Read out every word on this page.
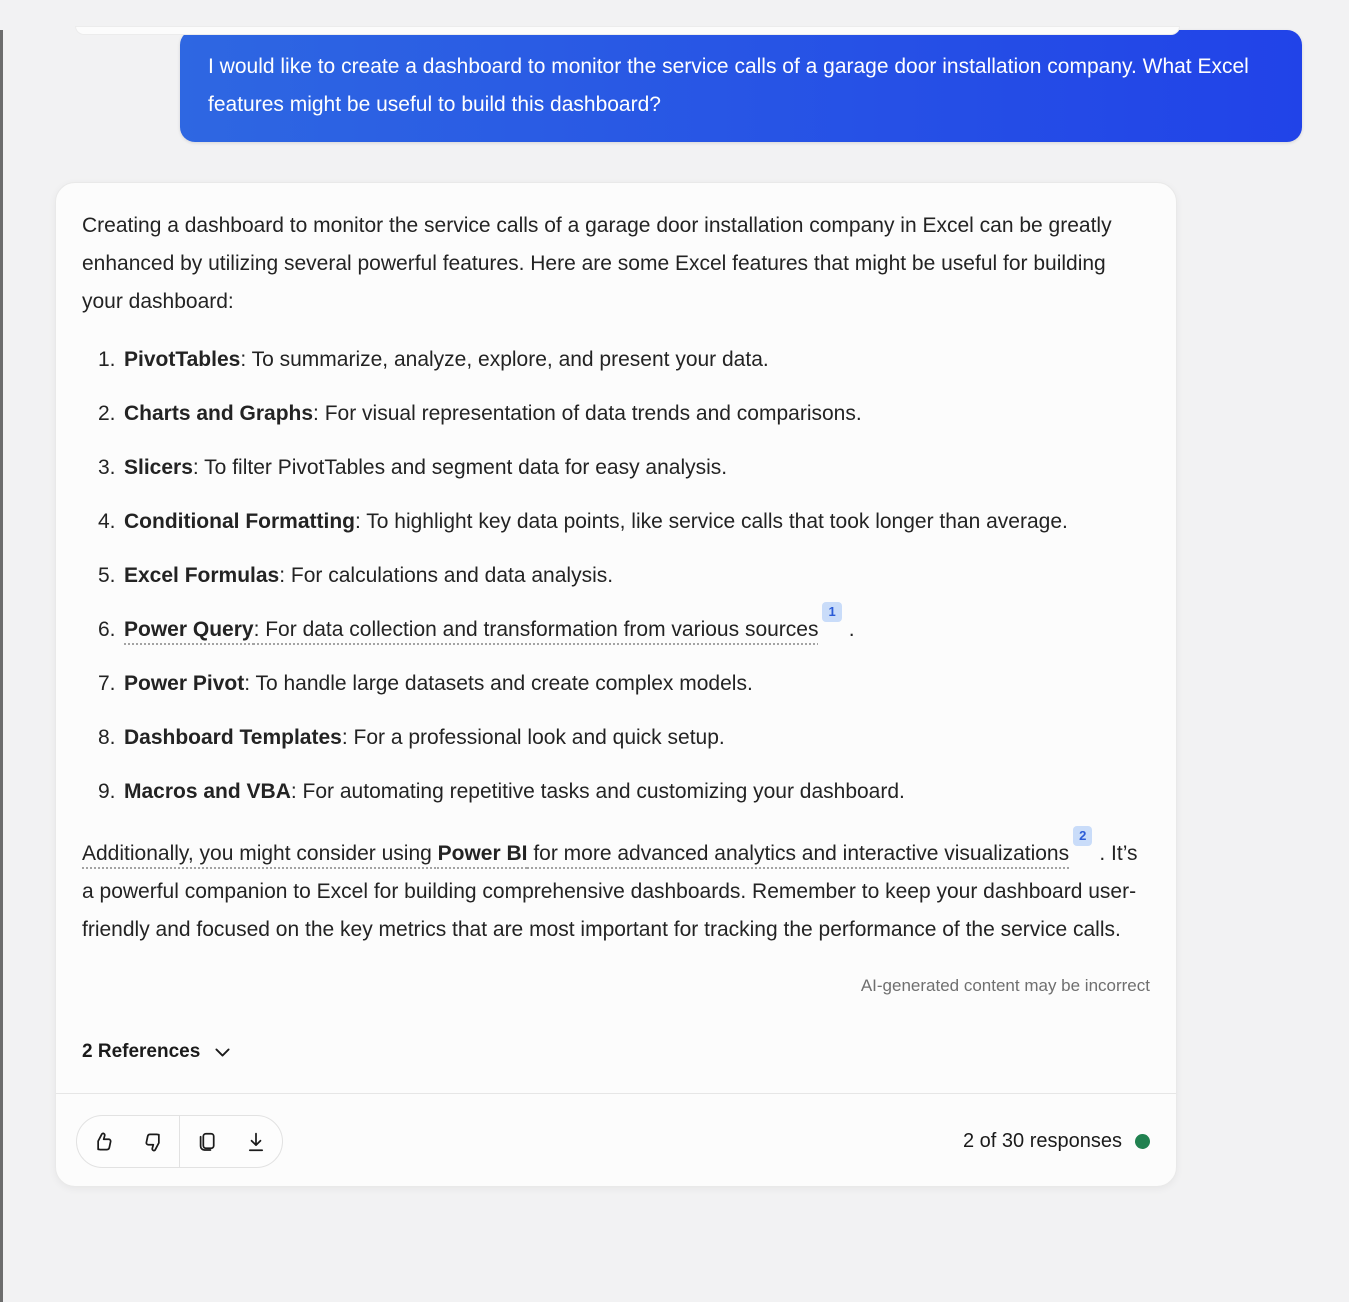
I would like to create a dashboard to monitor the service calls of a garage door installation company. What Excel features might be useful to build this dashboard?

Creating a dashboard to monitor the service calls of a garage door installation company in Excel can be greatly enhanced by utilizing several powerful features. Here are some Excel features that might be useful for building your dashboard:

1. PivotTables: To summarize, analyze, explore, and present your data.
2. Charts and Graphs: For visual representation of data trends and comparisons.
3. Slicers: To filter PivotTables and segment data for easy analysis.
4. Conditional Formatting: To highlight key data points, like service calls that took longer than average.
5. Excel Formulas: For calculations and data analysis.
6. Power Query: For data collection and transformation from various sources$^1$.
7. Power Pivot: To handle large datasets and create complex models.
8. Dashboard Templates: For a professional look and quick setup.
9. Macros and VBA: For automating repetitive tasks and customizing your dashboard.

Additionally, you might consider using Power BI for more advanced analytics and interactive visualizations$^2$. It’s a powerful companion to Excel for building comprehensive dashboards. Remember to keep your dashboard user-friendly and focused on the key metrics that are most important for tracking the performance of the service calls.

AI-generated content may be incorrect
2 References
2 of 30 responses
